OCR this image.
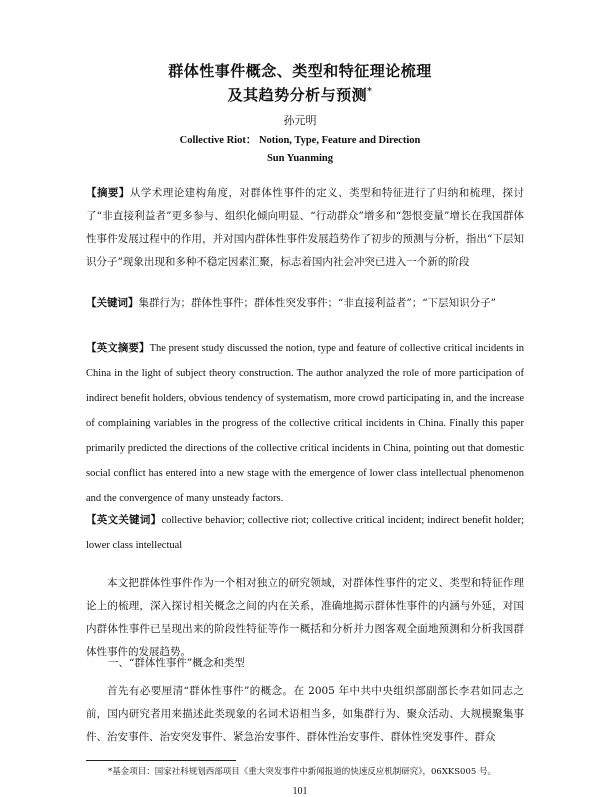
群体性事件概念、类型和特征理论梳理
及其趋势分析与预测*
孙元明
Collective Riot： Notion, Type, Feature and Direction
Sun Yuanming
【摘要】从学术理论建构角度，对群体性事件的定义、类型和特征进行了归纳和梳理，探讨了“非直接利益者”更多参与、组织化倾向明显、“行动群众”增多和“怨恨变量”增长在我国群体性事件发展过程中的作用，并对国内群体性事件发展趋势作了初步的预测与分析，指出“下层知识分子”现象出现和多种不稳定因素汇聚，标志着国内社会冲突已进入一个新的阶段
【关键词】集群行为；群体性事件；群体性突发事件；“非直接利益者”；“下层知识分子”
【英文摘要】The present study discussed the notion, type and feature of collective critical incidents in China in the light of subject theory construction. The author analyzed the role of more participation of indirect benefit holders, obvious tendency of systematism, more crowd participating in, and the increase of complaining variables in the progress of the collective critical incidents in China. Finally this paper primarily predicted the directions of the collective critical incidents in China, pointing out that domestic social conflict has entered into a new stage with the emergence of lower class intellectual phenomenon and the convergence of many unsteady factors.
【英文关键词】collective behavior; collective riot; collective critical incident; indirect benefit holder; lower class intellectual
本文把群体性事件作为一个相对独立的研究领域，对群体性事件的定义、类型和特征作理论上的梳理，深入探讨相关概念之间的内在关系，准确地揭示群体性事件的内涵与外延，对国内群体性事件已呈现出来的阶段性特征等作一概括和分析并力图客观全面地预测和分析我国群体性事件的发展趋势。
一、“群体性事件”概念和类型
首先有必要厘清“群体性事件”的概念。在 2005 年中共中央组织部副部长李君如同志之前，国内研究者用来描述此类现象的名词术语相当多，如集群行为、聚众活动、大规模聚集事件、治安事件、治安突发事件、紧急治安事件、群体性治安事件、群体性突发事件、群众
*基金项目：国家社科规划西部项目《重大突发事件中新闻报道的快速反应机制研究》，06XKS005 号。
101
